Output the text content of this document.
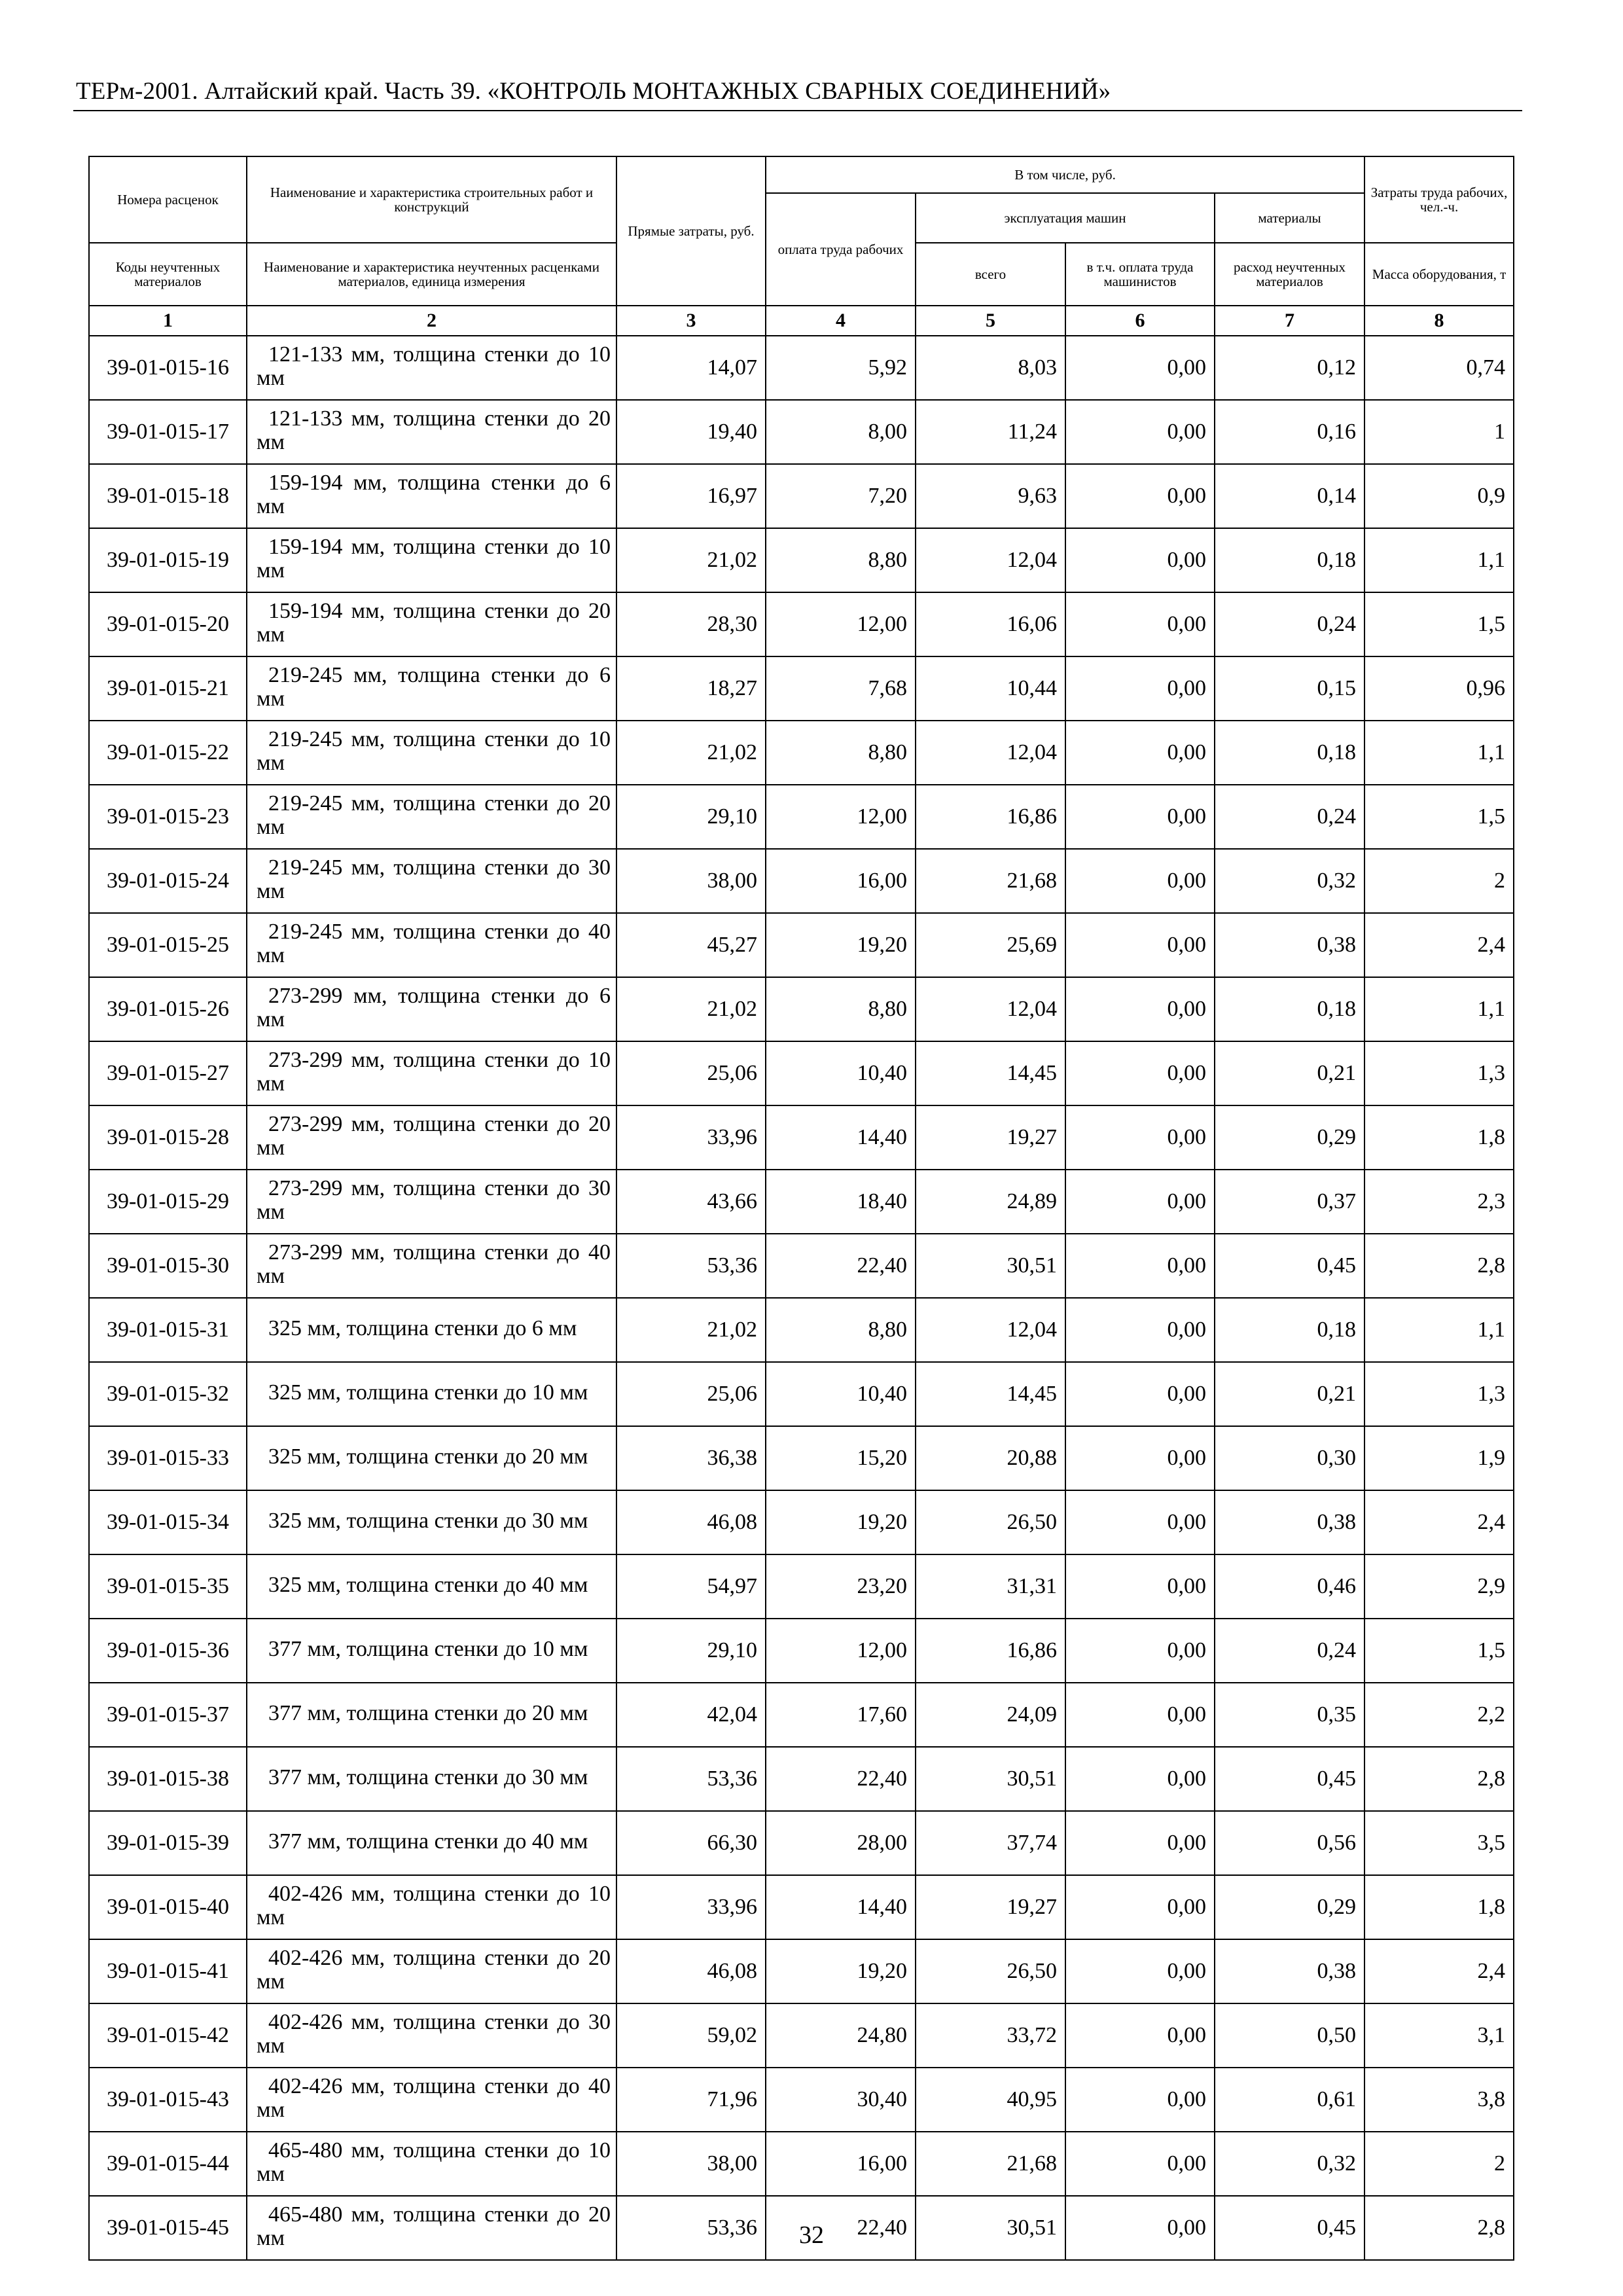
ТЕРм-2001. Алтайский край. Часть 39. «КОНТРОЛЬ МОНТАЖНЫХ СВАРНЫХ СОЕДИНЕНИЙ»
Номера расценок	Наименование и характеристика строительных работ и конструкций	Прямые затраты, руб.	В том числе, руб.				Затраты труда рабочих, чел.-ч.
			оплата труда рабочих	эксплуатация машин		материалы	

Коды неучтенных материалов	Наименование и характеристика неучтенных расценками материалов, единица измерения			всего	в т.ч. оплата труда машинистов	расход неучтенных материалов	Масса оборудования, т

1	2	3	4	5	6	7	8
39-01-015-16	121-133 мм, толщина стенки до 10 мм	14,07	5,92	8,03	0,00	0,12	0,74
39-01-015-17	121-133 мм, толщина стенки до 20 мм	19,40	8,00	11,24	0,00	0,16	1
39-01-015-18	159-194 мм, толщина стенки до 6 мм	16,97	7,20	9,63	0,00	0,14	0,9
39-01-015-19	159-194 мм, толщина стенки до 10 мм	21,02	8,80	12,04	0,00	0,18	1,1
39-01-015-20	159-194 мм, толщина стенки до 20 мм	28,30	12,00	16,06	0,00	0,24	1,5
39-01-015-21	219-245 мм, толщина стенки до 6 мм	18,27	7,68	10,44	0,00	0,15	0,96
39-01-015-22	219-245 мм, толщина стенки до 10 мм	21,02	8,80	12,04	0,00	0,18	1,1
39-01-015-23	219-245 мм, толщина стенки до 20 мм	29,10	12,00	16,86	0,00	0,24	1,5
39-01-015-24	219-245 мм, толщина стенки до 30 мм	38,00	16,00	21,68	0,00	0,32	2
39-01-015-25	219-245 мм, толщина стенки до 40 мм	45,27	19,20	25,69	0,00	0,38	2,4
39-01-015-26	273-299 мм, толщина стенки до 6 мм	21,02	8,80	12,04	0,00	0,18	1,1
39-01-015-27	273-299 мм, толщина стенки до 10 мм	25,06	10,40	14,45	0,00	0,21	1,3
39-01-015-28	273-299 мм, толщина стенки до 20 мм	33,96	14,40	19,27	0,00	0,29	1,8
39-01-015-29	273-299 мм, толщина стенки до 30 мм	43,66	18,40	24,89	0,00	0,37	2,3
39-01-015-30	273-299 мм, толщина стенки до 40 мм	53,36	22,40	30,51	0,00	0,45	2,8
39-01-015-31	325 мм, толщина стенки до 6 мм	21,02	8,80	12,04	0,00	0,18	1,1
39-01-015-32	325 мм, толщина стенки до 10 мм	25,06	10,40	14,45	0,00	0,21	1,3
39-01-015-33	325 мм, толщина стенки до 20 мм	36,38	15,20	20,88	0,00	0,30	1,9
39-01-015-34	325 мм, толщина стенки до 30 мм	46,08	19,20	26,50	0,00	0,38	2,4
39-01-015-35	325 мм, толщина стенки до 40 мм	54,97	23,20	31,31	0,00	0,46	2,9
39-01-015-36	377 мм, толщина стенки до 10 мм	29,10	12,00	16,86	0,00	0,24	1,5
39-01-015-37	377 мм, толщина стенки до 20 мм	42,04	17,60	24,09	0,00	0,35	2,2
39-01-015-38	377 мм, толщина стенки до 30 мм	53,36	22,40	30,51	0,00	0,45	2,8
39-01-015-39	377 мм, толщина стенки до 40 мм	66,30	28,00	37,74	0,00	0,56	3,5
39-01-015-40	402-426 мм, толщина стенки до 10 мм	33,96	14,40	19,27	0,00	0,29	1,8
39-01-015-41	402-426 мм, толщина стенки до 20 мм	46,08	19,20	26,50	0,00	0,38	2,4
39-01-015-42	402-426 мм, толщина стенки до 30 мм	59,02	24,80	33,72	0,00	0,50	3,1
39-01-015-43	402-426 мм, толщина стенки до 40 мм	71,96	30,40	40,95	0,00	0,61	3,8
39-01-015-44	465-480 мм, толщина стенки до 10 мм	38,00	16,00	21,68	0,00	0,32	2
39-01-015-45	465-480 мм, толщина стенки до 20 мм	53,36	22,40	30,51	0,00	0,45	2,8
32
